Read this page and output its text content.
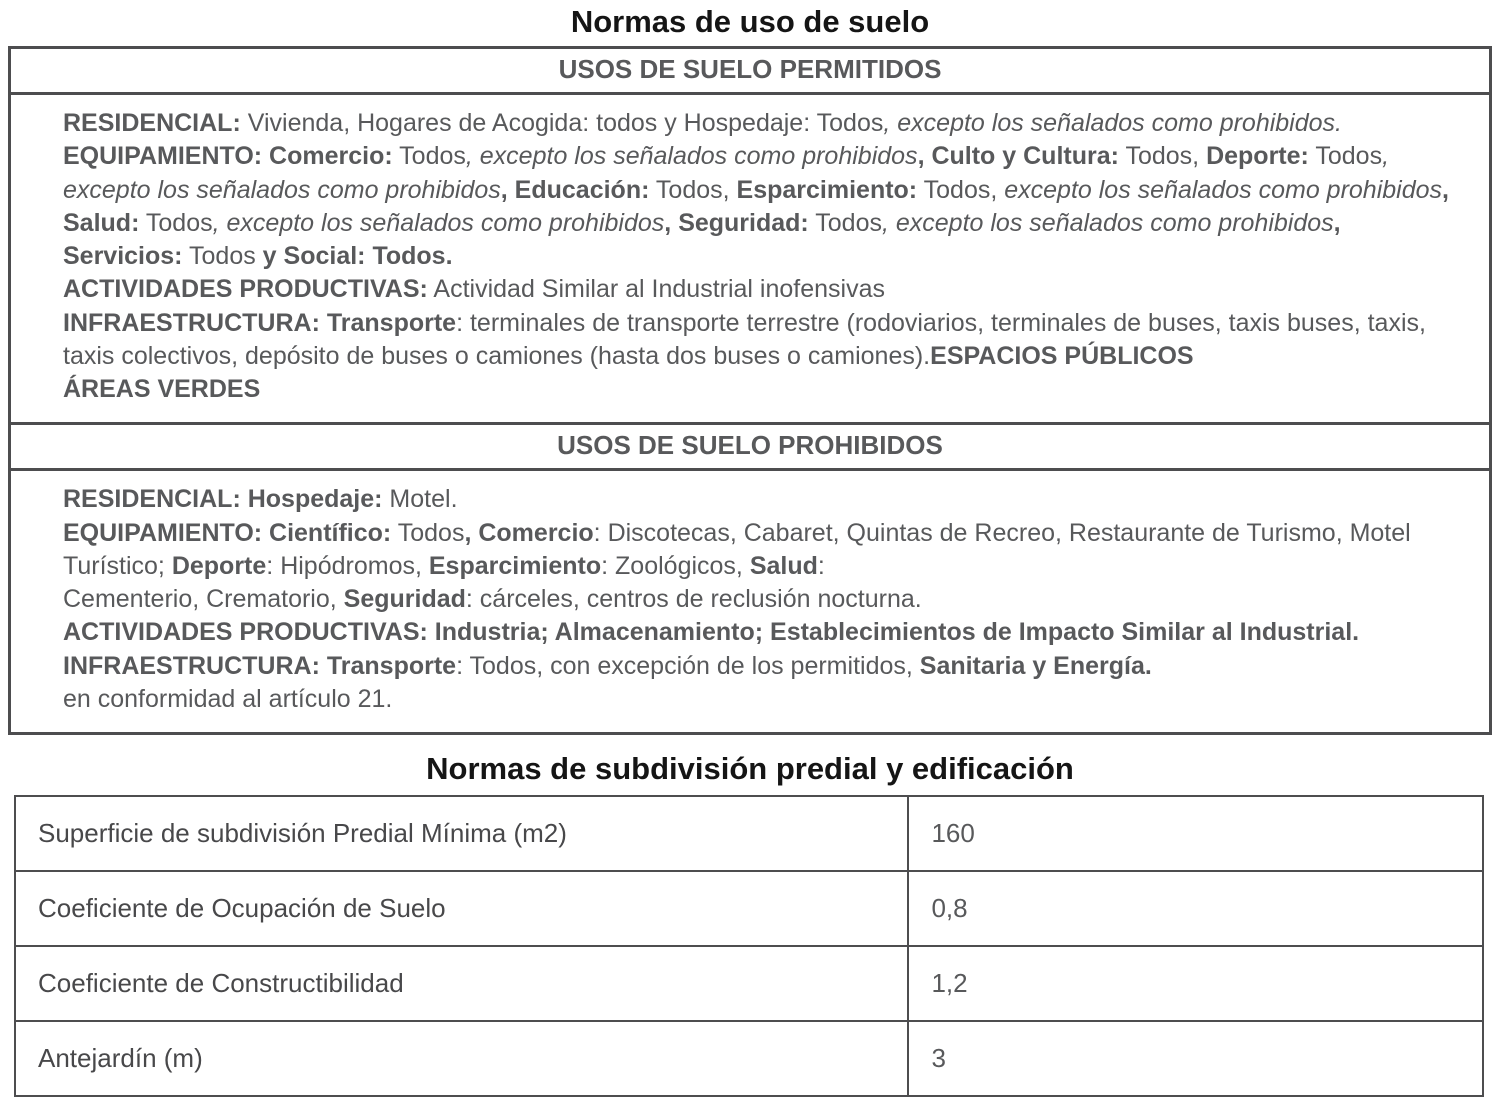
Normas de uso de suelo
USOS DE SUELO PERMITIDOS
RESIDENCIAL: Vivienda, Hogares de Acogida: todos y Hospedaje: Todos, excepto los señalados como prohibidos.
EQUIPAMIENTO: Comercio: Todos, excepto los señalados como prohibidos, Culto y Cultura: Todos, Deporte: Todos, excepto los señalados como prohibidos, Educación: Todos, Esparcimiento: Todos, excepto los señalados como prohibidos, Salud: Todos, excepto los señalados como prohibidos, Seguridad: Todos, excepto los señalados como prohibidos, Servicios: Todos y Social: Todos.
ACTIVIDADES PRODUCTIVAS: Actividad Similar al Industrial inofensivas
INFRAESTRUCTURA: Transporte: terminales de transporte terrestre (rodoviarios, terminales de buses, taxis buses, taxis, taxis colectivos, depósito de buses o camiones (hasta dos buses o camiones).ESPACIOS PÚBLICOS
ÁREAS VERDES
USOS DE SUELO PROHIBIDOS
RESIDENCIAL: Hospedaje: Motel.
EQUIPAMIENTO: Científico: Todos, Comercio: Discotecas, Cabaret, Quintas de Recreo, Restaurante de Turismo, Motel Turístico; Deporte: Hipódromos, Esparcimiento: Zoológicos, Salud:
Cementerio, Crematorio, Seguridad: cárceles, centros de reclusión nocturna.
ACTIVIDADES PRODUCTIVAS: Industria; Almacenamiento; Establecimientos de Impacto Similar al Industrial.
INFRAESTRUCTURA: Transporte: Todos, con excepción de los permitidos, Sanitaria y Energía.
en conformidad al artículo 21.
Normas de subdivisión predial y edificación
Superficie de subdivisión Predial Mínima (m2)	160
Coeficiente de Ocupación de Suelo	0,8
Coeficiente de Constructibilidad	1,2
Antejardín (m)	3
